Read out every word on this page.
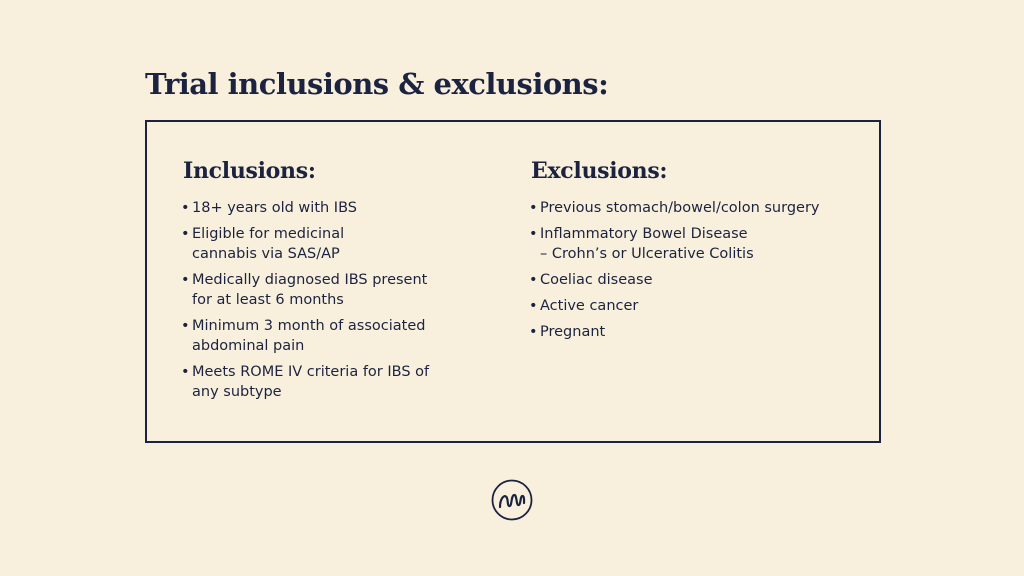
Trial inclusions & exclusions:
Inclusions:
• 18+ years old with IBS
• Eligible for medicinal
cannabis via SAS/AP
• Medically diagnosed IBS present
for at least 6 months
• Minimum 3 month of associated
abdominal pain
• Meets ROME IV criteria for IBS of
any subtype
Exclusions:
• Previous stomach/bowel/colon surgery
• Inflammatory Bowel Disease
– Crohn’s or Ulcerative Colitis
• Coeliac disease
• Active cancer
• Pregnant
